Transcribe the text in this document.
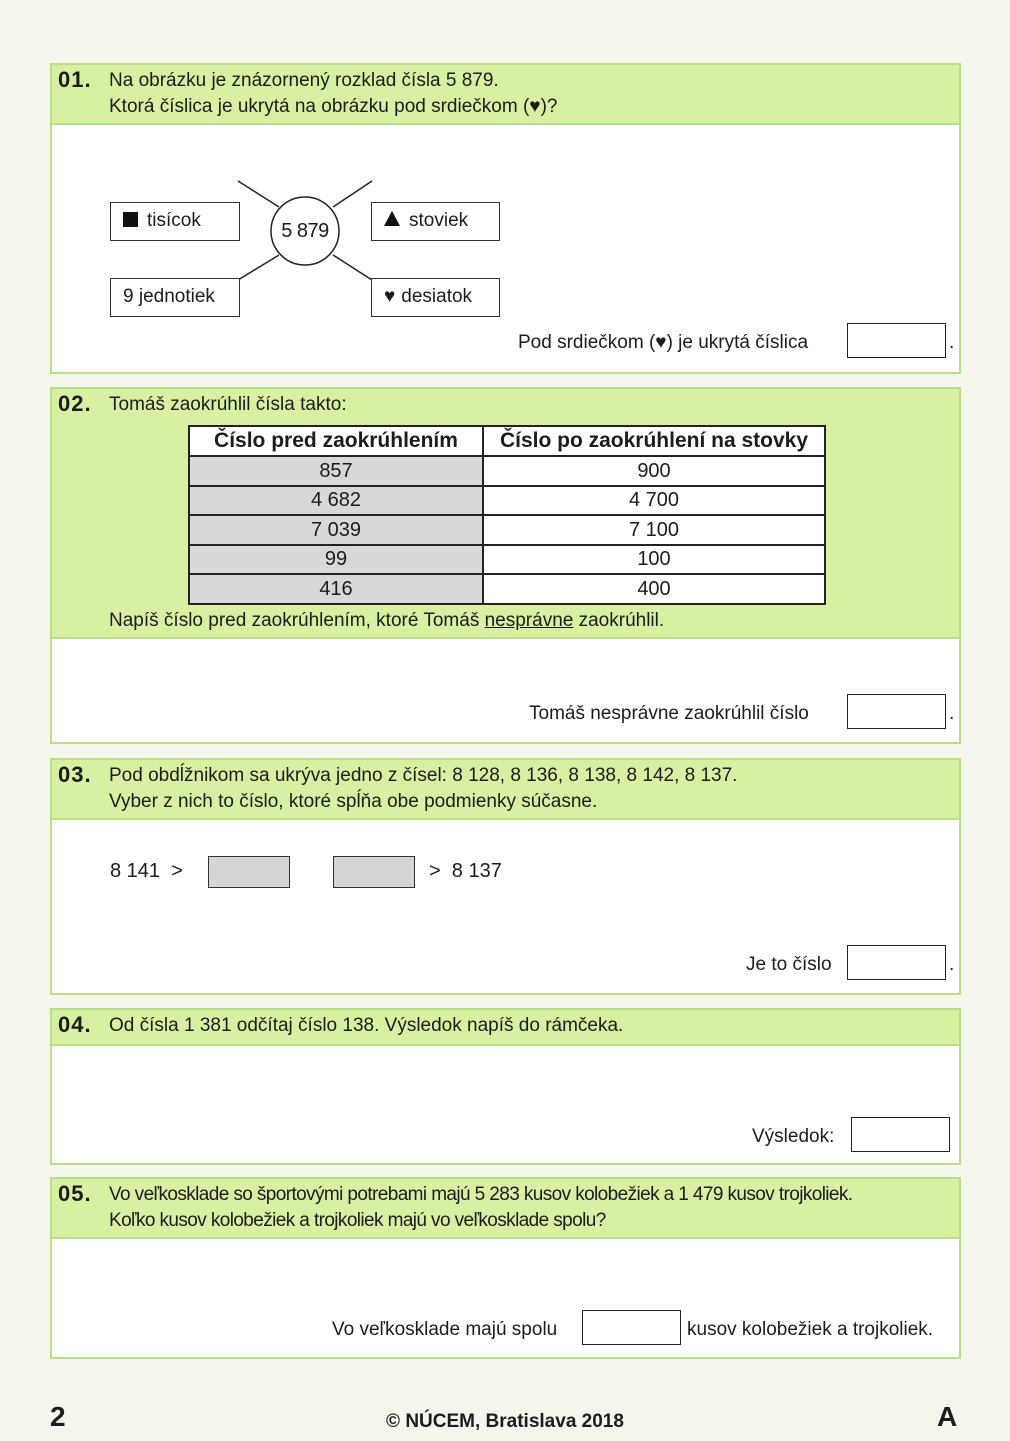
01. Na obrázku je znázornený rozklad čísla 5 879.
Ktorá číslica je ukrytá na obrázku pod srdiečkom (♥)?
5 879
tisícok	stoviek
9 jednotiek	♥ desiatok
Pod srdiečkom (♥) je ukrytá číslica	.
02. Tomáš zaokrúhlil čísla takto:
Číslo pred zaokrúhlením	Číslo po zaokrúhlení na stovky
857	900
4 682	4 700
7 039	7 100
99	100
416	400
Napíš číslo pred zaokrúhlením, ktoré Tomáš nesprávne zaokrúhlil.
Tomáš nesprávne zaokrúhlil číslo	.
03. Pod obdĺžnikom sa ukrýva jedno z čísel: 8 128, 8 136, 8 138, 8 142, 8 137.
Vyber z nich to číslo, ktoré spĺňa obe podmienky súčasne.
8 141  >	>  8 137
Je to číslo	.
04. Od čísla 1 381 odčítaj číslo 138. Výsledok napíš do rámčeka.
Výsledok:
05. Vo veľkosklade so športovými potrebami majú 5 283 kusov kolobežiek a 1 479 kusov trojkoliek.
Koľko kusov kolobežiek a trojkoliek majú vo veľkosklade spolu?
Vo veľkosklade majú spolu	kusov kolobežiek a trojkoliek.
2	© NÚCEM, Bratislava 2018	A
